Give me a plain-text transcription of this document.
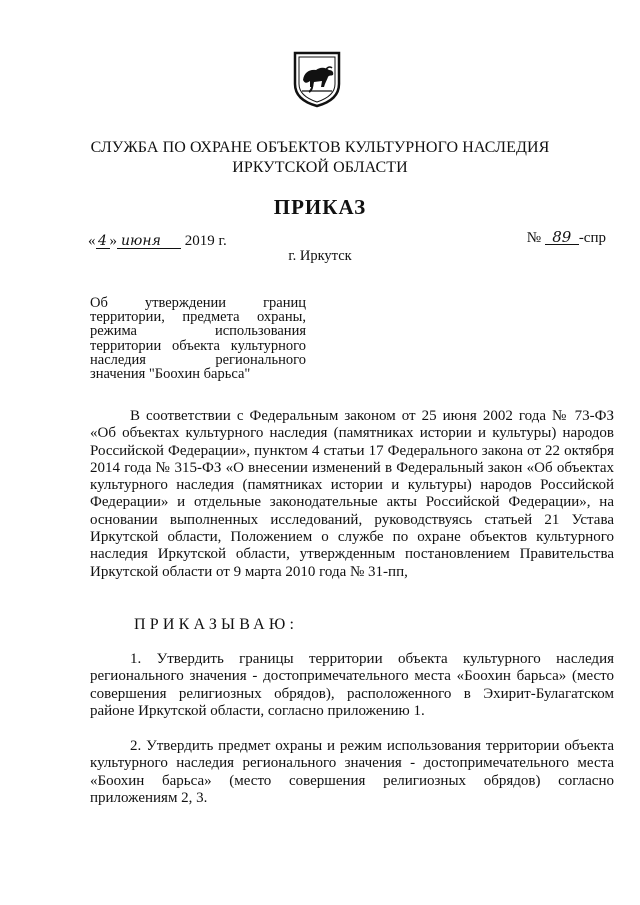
СЛУЖБА ПО ОХРАНЕ ОБЪЕКТОВ КУЛЬТУРНОГО НАСЛЕДИЯ
ИРКУТСКОЙ ОБЛАСТИ
ПРИКАЗ
« 4 » июня 2019 г.	№ 89 -спр
г. Иркутск

Об утверждении границ

территории, предмета охраны,

режима использования

территории объекта культурного

наследия регионального

значения "Боохин барьса"

В соответствии с Федеральным законом от 25 июня 2002 года № 73-ФЗ «Об объектах культурного наследия (памятниках истории и культуры) народов Российской Федерации», пунктом 4 статьи 17 Федерального закона от 22 октября 2014 года № 315-ФЗ «О внесении изменений в Федеральный закон «Об объектах культурного наследия (памятниках истории и культуры) народов Российской Федерации» и отдельные законодательные акты Российской Федерации», на основании выполненных исследований, руководствуясь статьей 21 Устава Иркутской области, Положением о службе по охране объектов культурного наследия Иркутской области, утвержденным постановлением Правительства Иркутской области от 9 марта 2010 года № 31-пп,

ПРИКАЗЫВАЮ:

1. Утвердить границы территории объекта культурного наследия регионального значения - достопримечательного места «Боохин барьса» (место совершения религиозных обрядов), расположенного в Эхирит-Булагатском районе Иркутской области, согласно приложению 1.

2. Утвердить предмет охраны и режим использования территории объекта культурного наследия регионального значения - достопримечательного места «Боохин барьса» (место совершения религиозных обрядов) согласно приложениям 2, 3.
